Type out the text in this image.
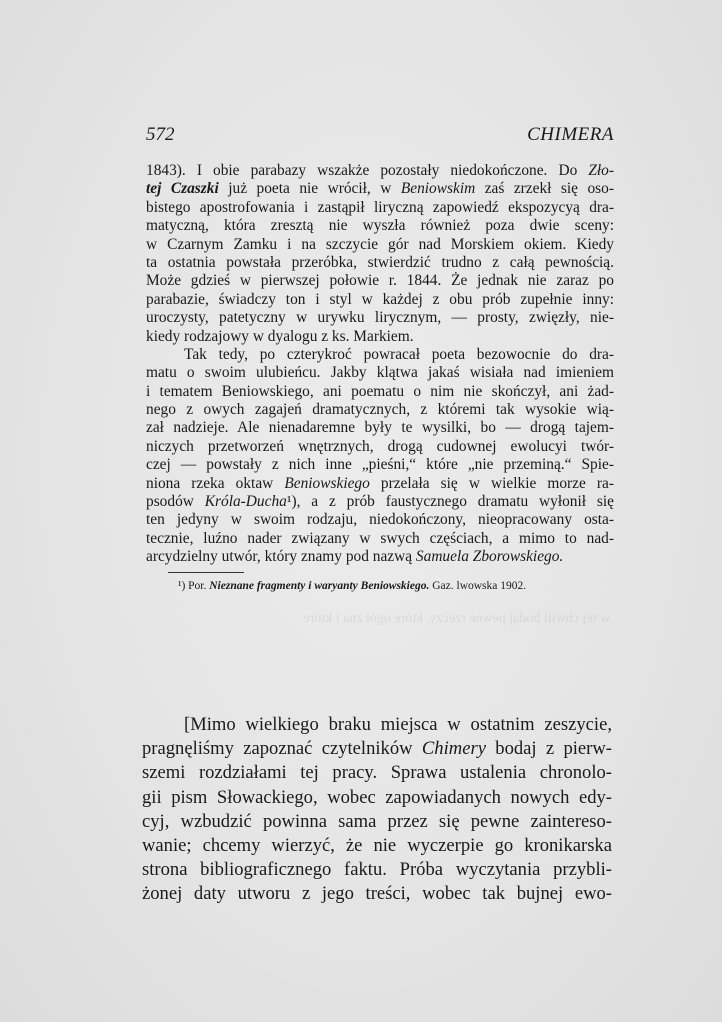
572	CHIMERA
1843). I obie parabazy wszakże pozostały niedokończone. Do Zło-
tej Czaszki już poeta nie wrócił, w Beniowskim zaś zrzekł się oso-
bistego apostrofowania i zastąpił liryczną zapowiedź ekspozycyą dra-
matyczną, która zresztą nie wyszła również poza dwie sceny:
w Czarnym Zamku i na szczycie gór nad Morskiem okiem. Kiedy
ta ostatnia powstała przeróbka, stwierdzić trudno z całą pewnością.
Może gdzieś w pierwszej połowie r. 1844. Że jednak nie zaraz po
parabazie, świadczy ton i styl w każdej z obu prób zupełnie inny:
uroczysty, patetyczny w urywku lirycznym, — prosty, zwięzły, nie-
kiedy rodzajowy w dyalogu z ks. Markiem.
Tak tedy, po czterykroć powracał poeta bezowocnie do dra-
matu o swoim ulubieńcu. Jakby klątwa jakaś wisiała nad imieniem
i tematem Beniowskiego, ani poematu o nim nie skończył, ani żad-
nego z owych zagajeń dramatycznych, z któremi tak wysokie wią-
zał nadzieje. Ale nienadaremne były te wysilki, bo — drogą tajem-
niczych przetworzeń wnętrznych, drogą cudownej ewolucyi twór-
czej — powstały z nich inne „pieśni,“ które „nie przeminą.“ Spie-
niona rzeka oktaw Beniowskiego przelała się w wielkie morze ra-
psodów Króla-Ducha¹), a z prób faustycznego dramatu wyłonił się
ten jedyny w swoim rodzaju, niedokończony, nieopracowany osta-
tecznie, luźno nader związany w swych częściach, a mimo to nad-
arcydzielny utwór, który znamy pod nazwą Samuela Zborowskiego.
¹) Por. Nieznane fragmenty i waryanty Beniowskiego. Gaz. lwowska 1902.
w tej chwili bodaj pewne rzeczy, które ogół zna i które
[Mimo wielkiego braku miejsca w ostatnim zeszycie,
pragnęliśmy zapoznać czytelników Chimery bodaj z pierw-
szemi rozdziałami tej pracy. Sprawa ustalenia chronolo-
gii pism Słowackiego, wobec zapowiadanych nowych edy-
cyj, wzbudzić powinna sama przez się pewne zaintereso-
wanie; chcemy wierzyć, że nie wyczerpie go kronikarska
strona bibliograficznego faktu. Próba wyczytania przybli-
żonej daty utworu z jego treści, wobec tak bujnej ewo-
